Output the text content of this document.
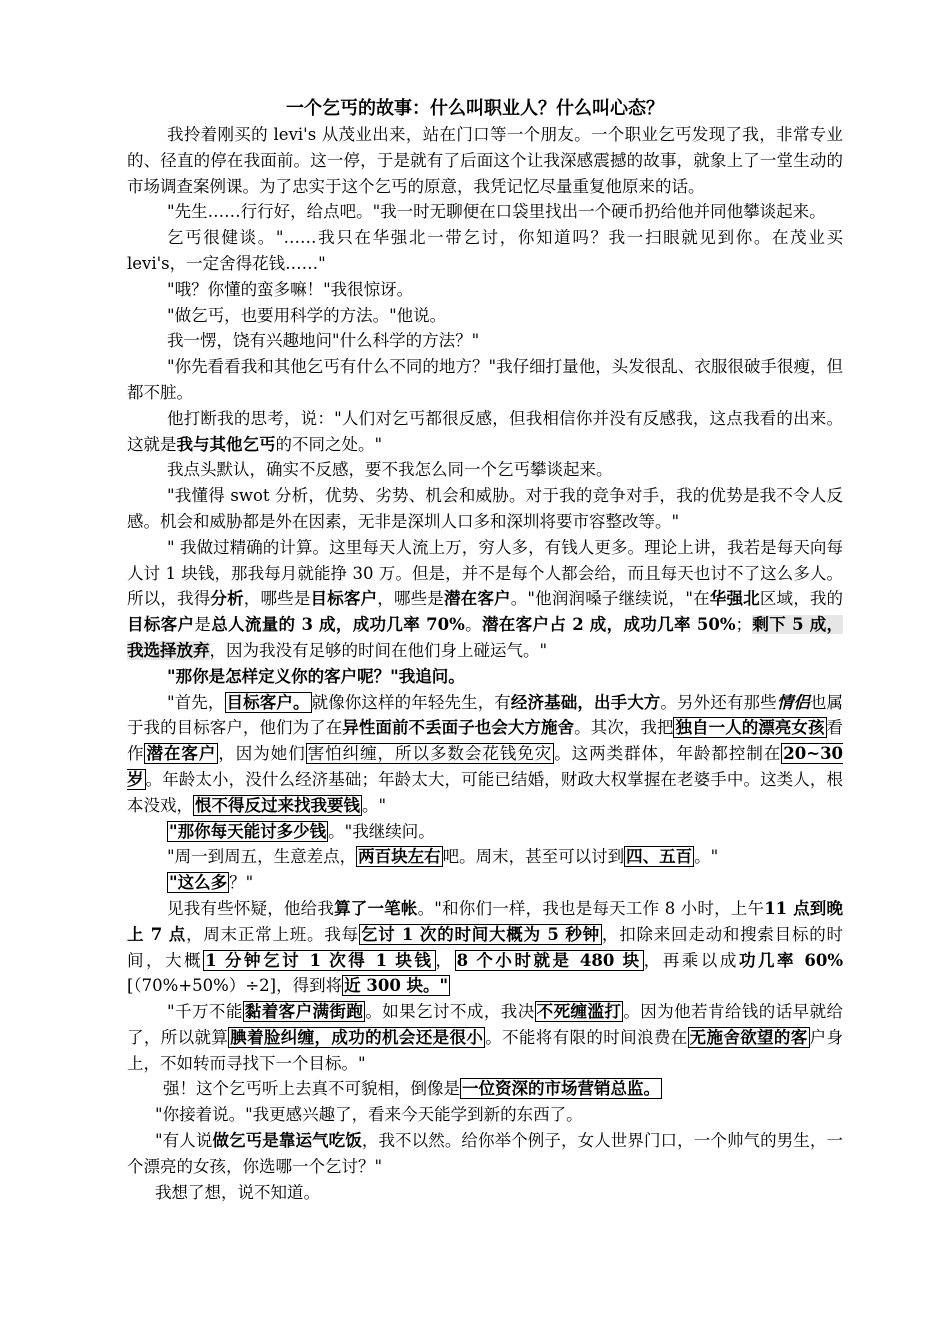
一个乞丐的故事：什么叫职业人？什么叫心态？

我拎着刚买的 levi's 从茂业出来，站在门口等一个朋友。一个职业乞丐发现了我，非常专业的、径直的停在我面前。这一停，于是就有了后面这个让我深感震撼的故事，就象上了一堂生动的市场调查案例课。为了忠实于这个乞丐的原意，我凭记忆尽量重复他原来的话。

"先生……行行好，给点吧。"我一时无聊便在口袋里找出一个硬币扔给他并同他攀谈起来。

乞丐很健谈。"……我只在华强北一带乞讨，你知道吗？我一扫眼就见到你。在茂业买 levi's，一定舍得花钱……"

"哦？你懂的蛮多嘛！"我很惊讶。

"做乞丐，也要用科学的方法。"他说。

我一愣，饶有兴趣地问"什么科学的方法？"

"你先看看我和其他乞丐有什么不同的地方？"我仔细打量他，头发很乱、衣服很破手很瘦，但都不脏。

他打断我的思考，说："人们对乞丐都很反感，但我相信你并没有反感我，这点我看的出来。这就是我与其他乞丐的不同之处。"

我点头默认，确实不反感，要不我怎么同一个乞丐攀谈起来。

"我懂得 swot 分析，优势、劣势、机会和威胁。对于我的竞争对手，我的优势是我不令人反感。机会和威胁都是外在因素，无非是深圳人口多和深圳将要市容整改等。"

" 我做过精确的计算。这里每天人流上万，穷人多，有钱人更多。理论上讲，我若是每天向每人讨 1 块钱，那我每月就能挣 30 万。但是，并不是每个人都会给，而且每天也讨不了这么多人。所以，我得分析，哪些是目标客户，哪些是潜在客户。"他润润嗓子继续说，"在华强北区域，我的目标客户是总人流量的 3 成，成功几率 70%。潜在客户占 2 成，成功几率 50%；剩下 5 成，我选择放弃，因为我没有足够的时间在他们身上碰运气。"

"那你是怎样定义你的客户呢？"我追问。

"首先， 目标客户。 就像你这样的年轻先生，有经济基础，出手大方。另外还有那些情侣也属于我的目标客户，他们为了在异性面前不丢面子也会大方施舍。其次，我把 独自一人的漂亮女孩 看作 潜在客户 ，因为她们 害怕纠缠，所以多数会花钱免灾 。这两类群体，年龄都控制在 20~30 岁 。年龄太小，没什么经济基础；年龄太大，可能已结婚，财政大权掌握在老婆手中。这类人，根本没戏， 恨不得反过来找我要钱 。"

"那你每天能讨多少钱 。"我继续问。

"周一到周五，生意差点， 两百块左右 吧。周末，甚至可以讨到 四、五百 。"

"这么多 ？"

见我有些怀疑，他给我算了一笔帐。"和你们一样，我也是每天工作 8 小时，上午11 点到晚上 7 点，周末正常上班。我每 乞讨 1 次的时间大概为 5 秒钟 ，扣除来回走动和搜索目标的时间，大概 1 分钟乞讨 1 次得 1 块钱 ， 8 个小时就是 480 块 ，再乘以成功几率 60%[（70%+50%）÷2]，得到将 近 300 块。"

"千万不能 黏着客户满街跑 。如果乞讨不成，我决 不死缠滥打 。因为他若肯给钱的话早就给了，所以就算 腆着脸纠缠，成功的机会还是很小 。不能将有限的时间浪费在 无施舍欲望的客 户身上，不如转而寻找下一个目标。"

强！这个乞丐听上去真不可貌相，倒像是 一位资深的市场营销总监。

"你接着说。"我更感兴趣了，看来今天能学到新的东西了。

"有人说做乞丐是靠运气吃饭，我不以然。给你举个例子，女人世界门口，一个帅气的男生，一个漂亮的女孩，你选哪一个乞讨？"

我想了想，说不知道。
